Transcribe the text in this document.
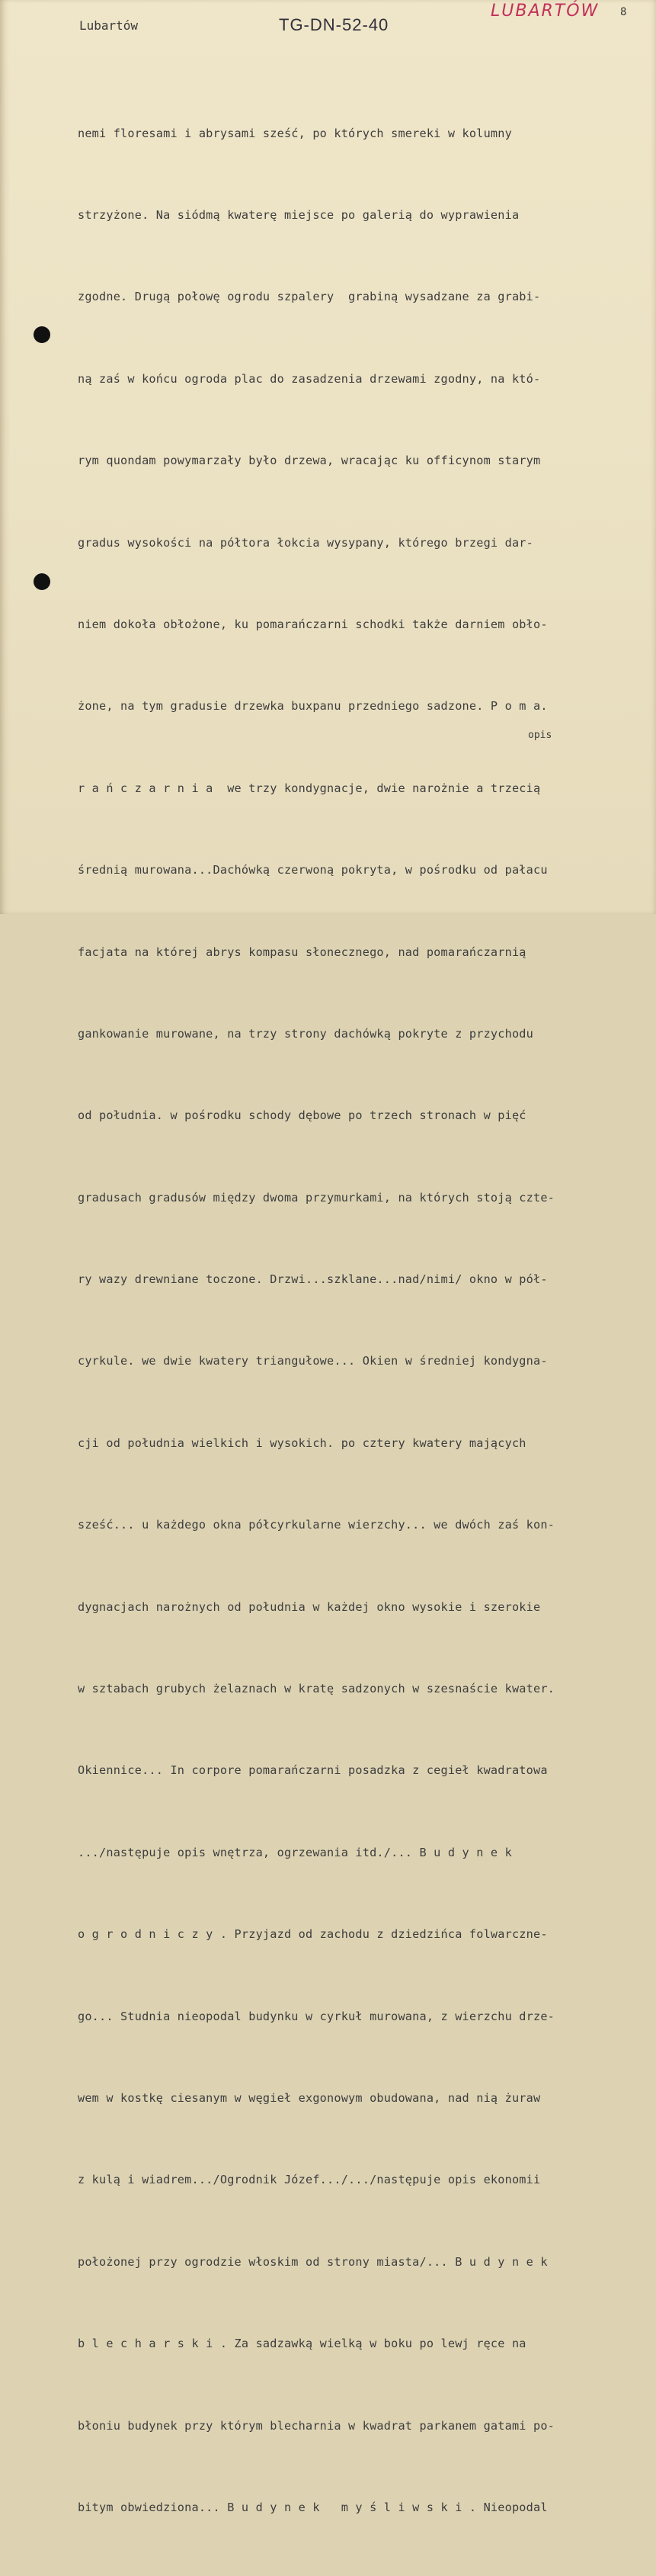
Lubartów	TG-DN-52-40
LUBARTÓW 8

nemi floresami i abrysami sześć, po których smereki w kolumny

strzyżone. Na siódmą kwaterę miejsce po galerią do wyprawienia

zgodne. Drugą połowę ogrodu szpalery  grabiną wysadzane za grabi-

ną zaś w końcu ogroda plac do zasadzenia drzewami zgodny, na któ-

rym quondam powymarzały było drzewa, wracając ku officynom starym

gradus wysokości na półtora łokcia wysypany, którego brzegi dar-

niem dokoła obłożone, ku pomarańczarni schodki także darniem obło-

żone, na tym gradusie drzewka buxpanu przedniego sadzone. P o m a.

r a ń c z a r n i a  we trzy kondygnacje, dwie narożnie a trzecią

średnią murowana...Dachówką czerwoną pokryta, w pośrodku od pałacu

facjata na której abrys kompasu słonecznego, nad pomarańczarnią

gankowanie murowane, na trzy strony dachówką pokryte z przychodu

od południa. w pośrodku schody dębowe po trzech stronach w pięć

gradusach gradusów między dwoma przymurkami, na których stoją czte-

ry wazy drewniane toczone. Drzwi...szklane...nad/nimi/ okno w pół-

cyrkule. we dwie kwatery triangułowe... Okien w średniej kondygna-

cji od południa wielkich i wysokich. po cztery kwatery mających

sześć... u każdego okna półcyrkularne wierzchy... we dwóch zaś kon-

dygnacjach narożnych od południa w każdej okno wysokie i szerokie

w sztabach grubych żelaznach w kratę sadzonych w szesnaście kwater.

Okiennice... In corpore pomarańczarni posadzka z cegieł kwadratowa

.../następuje opis wnętrza, ogrzewania itd./... B u d y n e k

o g r o d n i c z y . Przyjazd od zachodu z dziedzińca folwarczne-

go... Studnia nieopodal budynku w cyrkuł murowana, z wierzchu drze-

wem w kostkę ciesanym w węgieł exgonowym obudowana, nad nią żuraw

z kulą i wiadrem.../Ogrodnik Józef.../.../następuje opis ekonomii

położonej przy ogrodzie włoskim od strony miasta/... B u d y n e k

b l e c h a r s k i . Za sadzawką wielką w boku po lewj ręce na

błoniu budynek przy którym blecharnia w kwadrat parkanem gatami po-

bitym obwiedziona... B u d y n e k   m y ś l i w s k i . Nieopodal

opis
